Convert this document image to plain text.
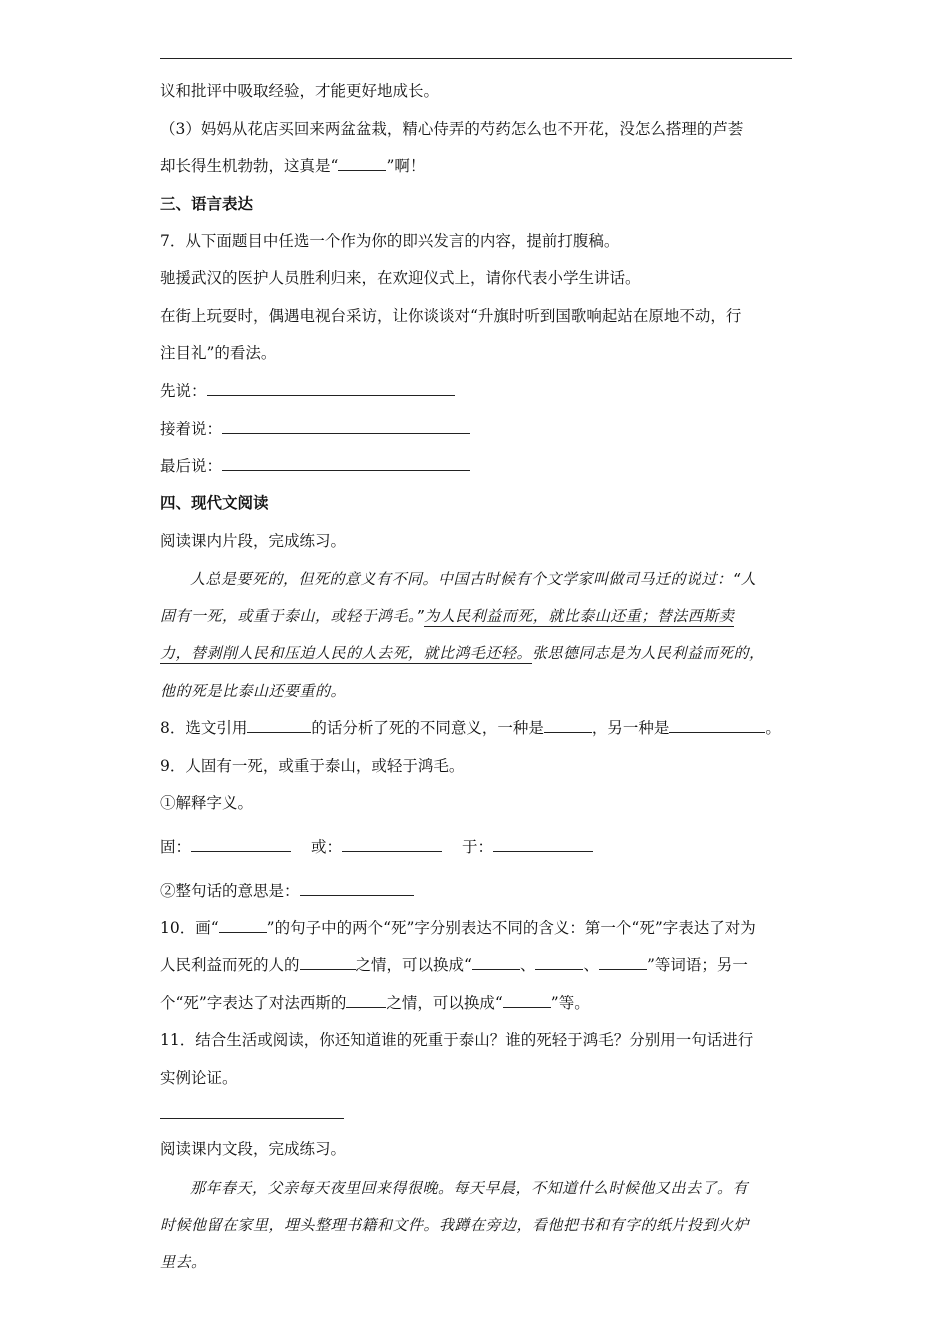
议和批评中吸取经验，才能更好地成长。
（3）妈妈从花店买回来两盆盆栽，精心侍弄的芍药怎么也不开花，没怎么搭理的芦荟
却长得生机勃勃，这真是“	”啊！
三、语言表达
7．从下面题目中任选一个作为你的即兴发言的内容，提前打腹稿。
驰援武汉的医护人员胜利归来，在欢迎仪式上，请你代表小学生讲话。
在街上玩耍时，偶遇电视台采访，让你谈谈对“升旗时听到国歌响起站在原地不动，行
注目礼”的看法。
先说：
接着说：
最后说：
四、现代文阅读
阅读课内片段，完成练习。
人总是要死的，但死的意义有不同。中国古时候有个文学家叫做司马迁的说过：“人
固有一死，或重于泰山，或轻于鸿毛。”为人民利益而死，就比泰山还重；替法西斯卖
力，替剥削人民和压迫人民的人去死，就比鸿毛还轻。张思德同志是为人民利益而死的，
他的死是比泰山还要重的。
8．选文引用	的话分析了死的不同意义，一种是	，另一种是	。
9．人固有一死，或重于泰山，或轻于鸿毛。
①解释字义。
固：	或：	于：
②整句话的意思是：
10．画“	”的句子中的两个“死”字分别表达不同的含义：第一个“死”字表达了对为
人民利益而死的人的	之情，可以换成“	、	、	”等词语；另一
个“死”字表达了对法西斯的	之情，可以换成“	”等。
11．结合生活或阅读，你还知道谁的死重于泰山？谁的死轻于鸿毛？分别用一句话进行
实例论证。
阅读课内文段，完成练习。
那年春天，父亲每天夜里回来得很晚。每天早晨，不知道什么时候他又出去了。有
时候他留在家里，埋头整理书籍和文件。我蹲在旁边，看他把书和有字的纸片投到火炉
里去。
